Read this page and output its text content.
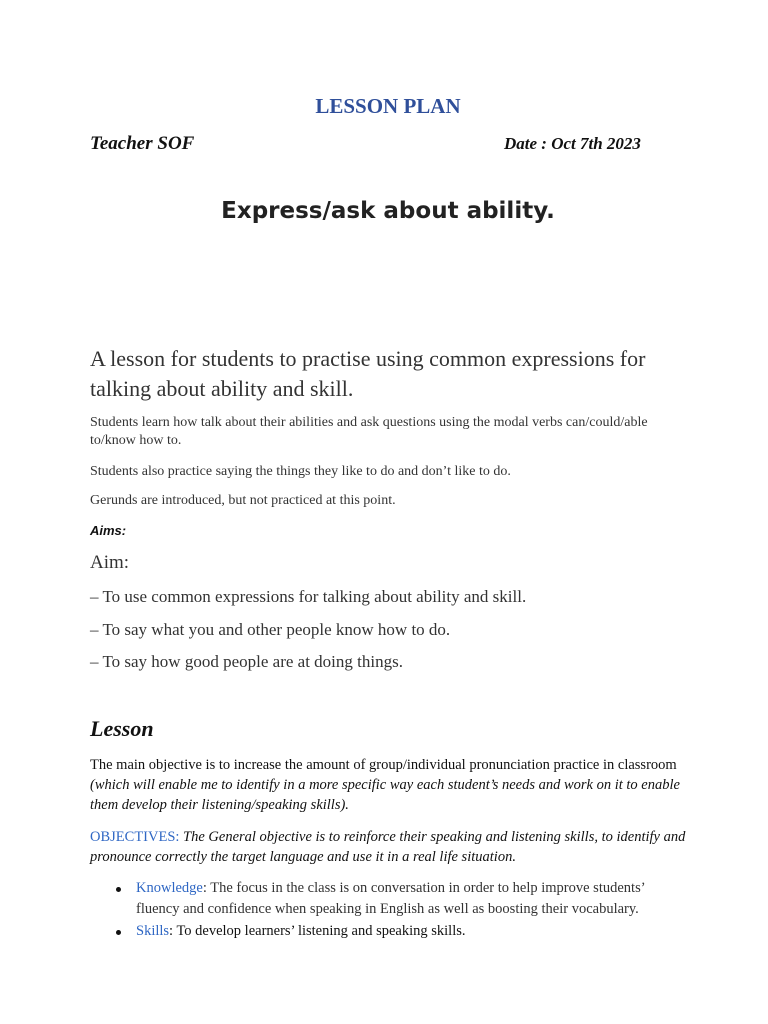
LESSON PLAN
Teacher SOF	Date : Oct 7th 2023
Express/ask about ability.
A lesson for students to practise using common expressions for talking about ability and skill.

Students learn how talk about their abilities and ask questions using the modal verbs can/could/able to/know how to.

Students also practice saying the things they like to do and don’t like to do.

Gerunds are introduced, but not practiced at this point.

Aims:

Aim:

– To use common expressions for talking about ability and skill.

– To say what you and other people know how to do.

– To say how good people are at doing things.

Lesson

The main objective is to increase the amount of group/individual pronunciation practice in classroom (which will enable me to identify in a more specific way each student’s needs and work on it to enable them develop their listening/speaking skills).

OBJECTIVES: The General objective is to reinforce their speaking and listening skills, to identify and pronounce correctly the target language and use it in a real life situation.

Knowledge: The focus in the class is on conversation in order to help improve students’ fluency and confidence when speaking in English as well as boosting their vocabulary.
Skills: To develop learners’ listening and speaking skills.
